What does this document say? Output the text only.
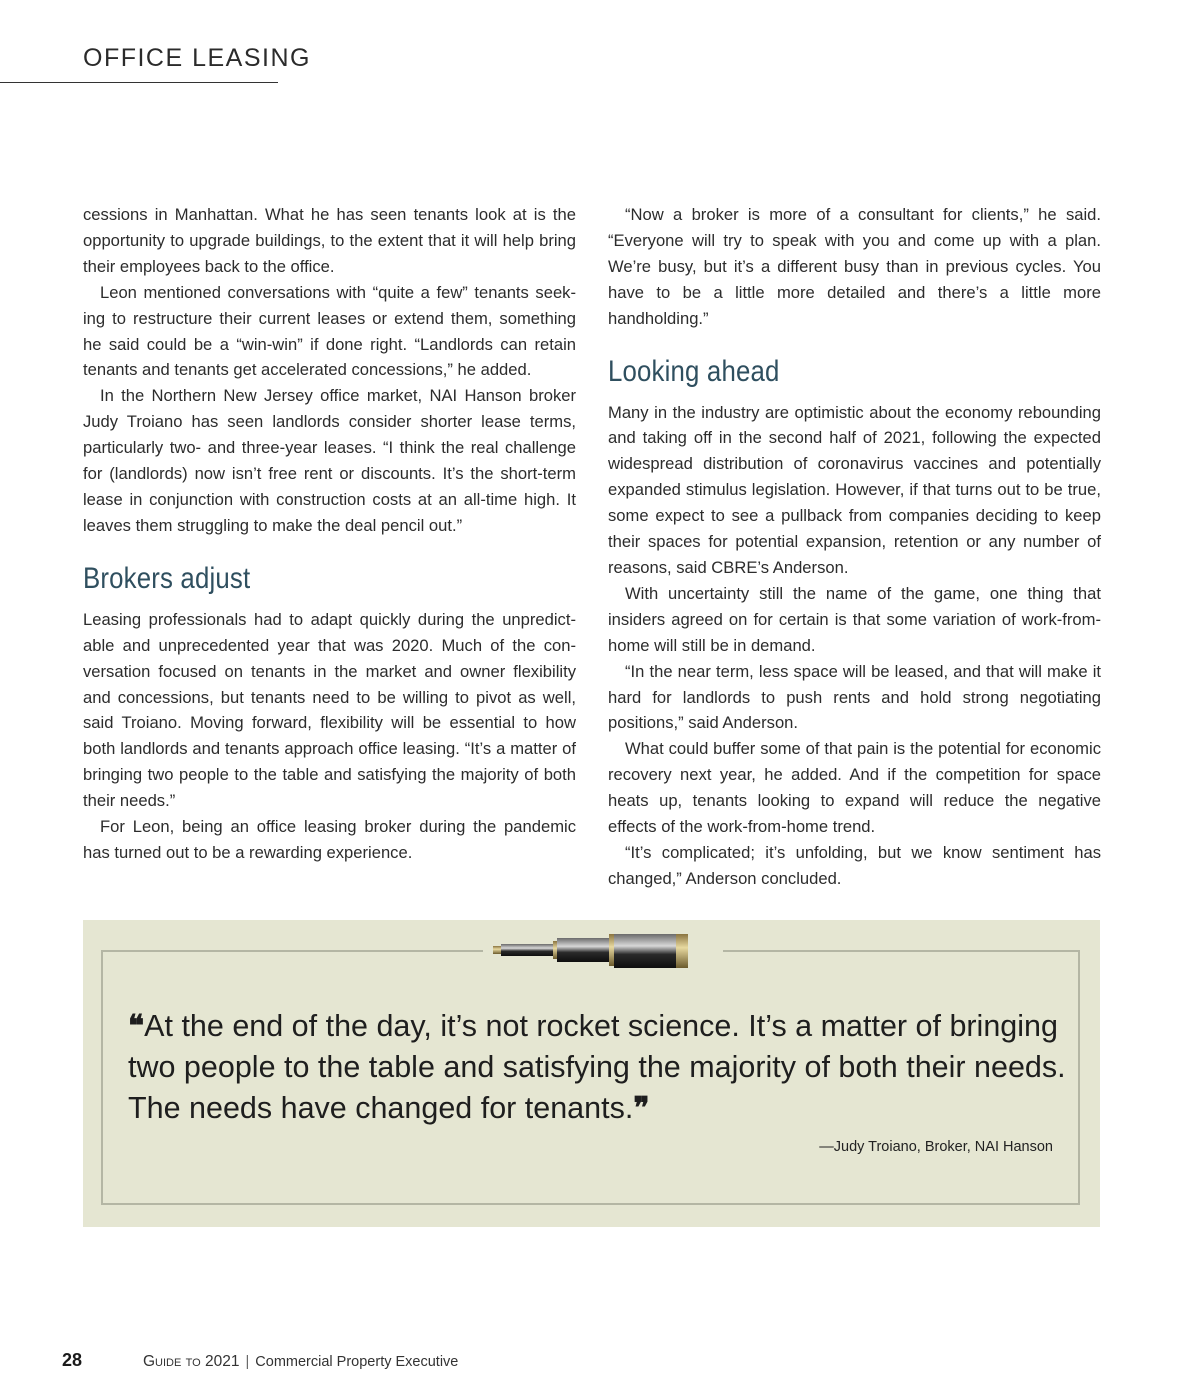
OFFICE LEASING

cessions in Manhattan. What he has seen tenants look at is the opportunity to upgrade buildings, to the extent that it will help bring their employees back to the office.

Leon mentioned conversations with “quite a few” tenants seeking to restructure their current leases or extend them, something he said could be a “win-win” if done right. “Landlords can retain tenants and tenants get accelerated concessions,” he added.

In the Northern New Jersey office market, NAI Hanson broker Judy Troiano has seen landlords consider shorter lease terms, particularly two- and three-year leases. “I think the real challenge for (landlords) now isn’t free rent or discounts. It’s the short-term lease in conjunction with construction costs at an all-time high. It leaves them struggling to make the deal pencil out.”

Brokers adjust

Leasing professionals had to adapt quickly during the unpredictable and unprecedented year that was 2020. Much of the conversation focused on tenants in the market and owner flexibility and concessions, but tenants need to be willing to pivot as well, said Troiano. Moving forward, flexibility will be essential to how both landlords and tenants approach office leasing. “It’s a matter of bringing two people to the table and satisfying the majority of both their needs.”

For Leon, being an office leasing broker during the pandemic has turned out to be a rewarding experience.

“Now a broker is more of a consultant for clients,” he said. “Everyone will try to speak with you and come up with a plan. We’re busy, but it’s a different busy than in previous cycles. You have to be a little more detailed and there’s a little more handholding.”

Looking ahead

Many in the industry are optimistic about the economy rebounding and taking off in the second half of 2021, following the expected widespread distribution of coronavirus vaccines and potentially expanded stimulus legislation. However, if that turns out to be true, some expect to see a pullback from companies deciding to keep their spaces for potential expansion, retention or any number of reasons, said CBRE’s Anderson.

With uncertainty still the name of the game, one thing that insiders agreed on for certain is that some variation of work-from-home will still be in demand.

“In the near term, less space will be leased, and that will make it hard for landlords to push rents and hold strong negotiating positions,” said Anderson.

What could buffer some of that pain is the potential for economic recovery next year, he added. And if the competition for space heats up, tenants looking to expand will reduce the negative effects of the work-from-home trend.

“It’s complicated; it’s unfolding, but we know sentiment has changed,” Anderson concluded.

❝At the end of the day, it’s not rocket science. It’s a matter of bringing two people to the table and satisfying the majority of both their needs. The needs have changed for tenants.❞
—Judy Troiano, Broker, NAI Hanson
28	Guide to 2021 | Commercial Property Executive
